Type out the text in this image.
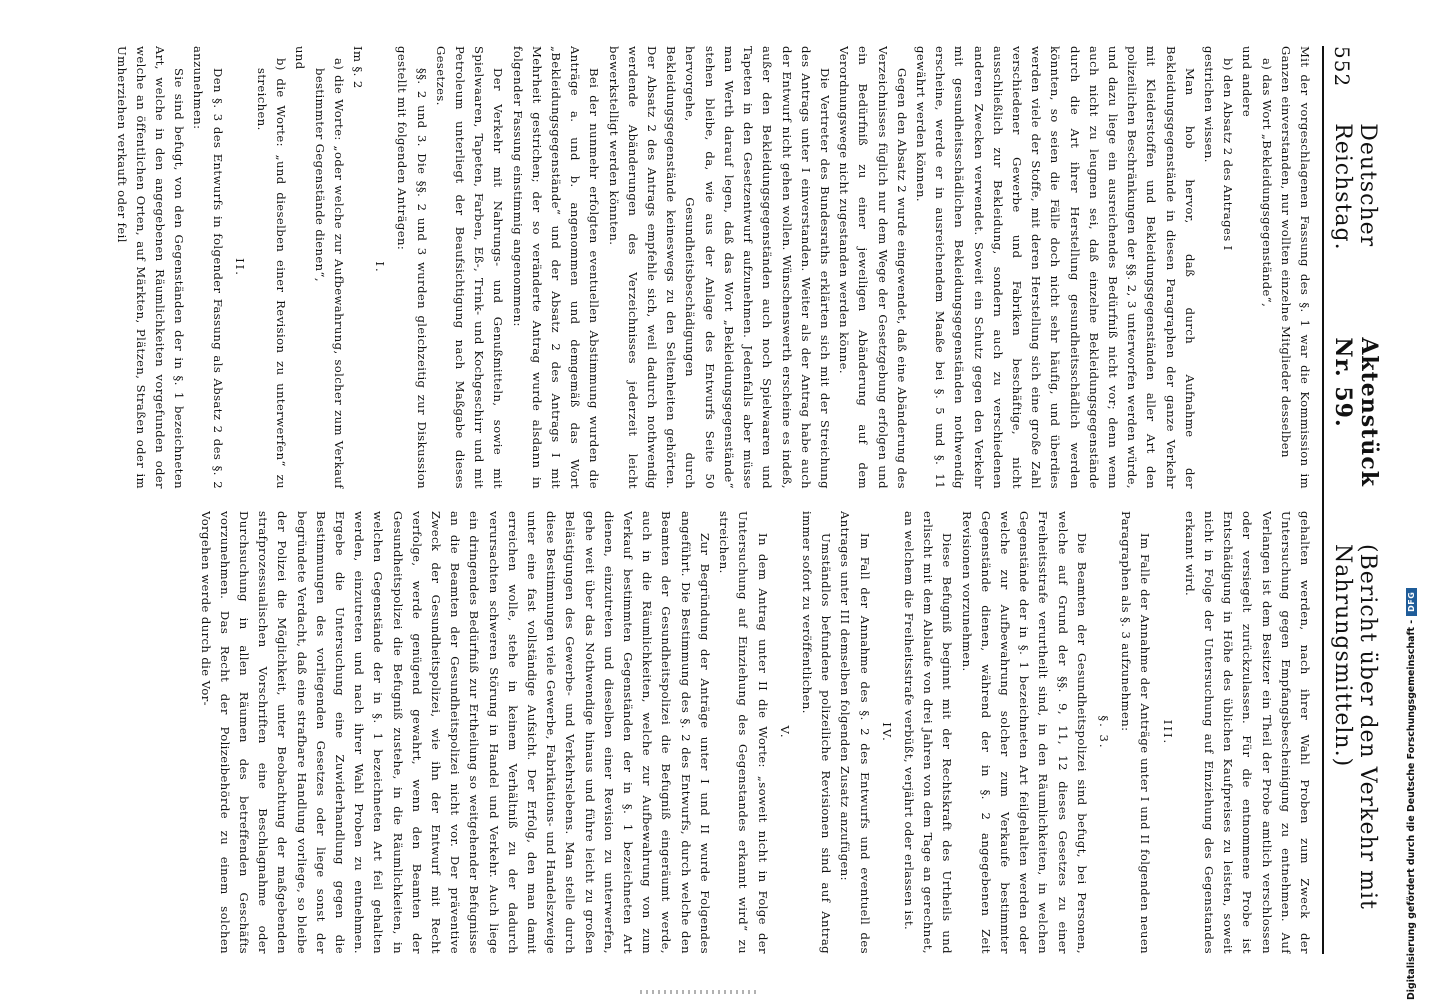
552
Deutscher Reichstag.
Aktenstück Nr. 59.
(Bericht über den Verkehr mit Nahrungsmitteln.)

Mit der vorgeschlagenen Fassung des §. 1 war die Kommission im Ganzen einverstanden, nur wollten einzelne Mitglieder desselben

a) das Wort „Bekleidungsgegenstände“,

und andere

b) den Absatz 2 des Antrages I

gestrichen wissen.

Man hob hervor, daß durch Aufnahme der Bekleidungsgegenstände in diesen Paragraphen der ganze Verkehr mit Kleiderstoffen und Bekleidungsgegenständen aller Art den polizeilichen Beschränkungen der §§. 2, 3 unterworfen werden würde, und dazu liege ein ausreichendes Bedürfniß nicht vor; denn wenn auch nicht zu leugnen sei, daß einzelne Bekleidungsgegenstände durch die Art ihrer Herstellung gesundheitsschädlich werden könnten, so seien die Fälle doch nicht sehr häufig, und überdies werden viele der Stoffe, mit deren Herstellung sich eine große Zahl verschiedener Gewerbe und Fabriken beschäftige, nicht ausschließlich zur Bekleidung, sondern auch zu verschiedenen anderen Zwecken verwendet. Soweit ein Schutz gegen den Verkehr mit gesundheitsschädlichen Bekleidungsgegenständen nothwendig erscheine, werde er in ausreichendem Maaße bei §. 5 und §. 11 gewährt werden können.

Gegen den Absatz 2 wurde eingewendet, daß eine Abänderung des Verzeichnisses füglich nur dem Wege der Gesetzgebung erfolgen und ein Bedürfniß zu einer jeweiligen Abänderung auf dem Verordnungswege nicht zugestanden werden könne.

Die Vertreter des Bundesraths erklärten sich mit der Streichung des Antrags unter I einverstanden. Weiter als der Antrag habe auch der Entwurf nicht gehen wollen. Wünschenswerth erscheine es indeß, außer den Bekleidungsgegenständen auch noch Spielwaaren und Tapeten in den Gesetzentwurf aufzunehmen. Jedenfalls aber müsse man Werth darauf legen, daß das Wort „Bekleidungsgegenstände“ stehen bleibe, da, wie aus der Anlage des Entwurfs Seite 50 hervorgehe, Gesundheitsbeschädigungen durch Bekleidungsgegenstände keineswegs zu den Seltenheiten gehörten. Der Absatz 2 des Antrags empfehle sich, weil dadurch nothwendig werdende Abänderungen des Verzeichnisses jederzeit leicht bewerkstelligt werden könnten.

Bei der nunmehr erfolgten eventuellen Abstimmung wurden die Anträge a. und b. angenommen und demgemäß das Wort „Bekleidungsgegenstände“ und der Absatz 2 des Antrags I mit Mehrheit gestrichen; der so veränderte Antrag wurde alsdann in folgender Fassung einstimmig angenommen:

Der Verkehr mit Nahrungs- und Genußmitteln, sowie mit Spielwaaren, Tapeten, Farben, Eß-, Trink- und Kochgeschirr und mit Petroleum unterliegt der Beaufsichtigung nach Maßgabe dieses Gesetzes.

§§. 2 und 3. Die §§. 2 und 3 wurden gleichzeitig zur Diskussion gestellt mit folgenden Anträgen:

I.

Im §. 2

a) die Worte: „oder welche zur Aufbewahrung, solcher zum Verkauf bestimmter Gegenstände dienen“,

und

b) die Worte: „und dieselben einer Revision zu unterwerfen“ zu streichen.

II.

Den §. 3 des Entwurfs in folgender Fassung als Absatz 2 des §. 2 anzunehmen:

Sie sind befugt, von den Gegenständen der in §. 1 bezeichneten Art, welche in den angegebenen Räumlichkeiten vorgefunden oder welche an öffentlichen Orten, auf Märkten, Plätzen, Straßen oder im Umherziehen verkauft oder feil

gehalten werden, nach ihrer Wahl Proben zum Zweck der Untersuchung gegen Empfangsbescheinigung zu entnehmen. Auf Verlangen ist dem Besitzer ein Theil der Probe amtlich verschlossen oder versiegelt zurückzulassen. Für die entnommene Probe ist Entschädigung in Höhe des üblichen Kaufpreises zu leisten, soweit nicht in Folge der Untersuchung auf Einziehung des Gegenstandes erkannt wird.

III.

Im Falle der Annahme der Anträge unter I und II folgenden neuen Paragraphen als §. 3 aufzunehmen:

§. 3.

Die Beamten der Gesundheitspolizei sind befugt, bei Personen, welche auf Grund der §§. 9, 11, 12 dieses Gesetzes zu einer Freiheitsstrafe verurtheilt sind, in den Räumlichkeiten, in welchen Gegenstände der in §. 1 bezeichneten Art feilgehalten werden oder welche zur Aufbewahrung solcher zum Verkaufe bestimmter Gegenstände dienen, während der in §. 2 angegebenen Zeit Revisionen vorzunehmen.

Diese Befugniß beginnt mit der Rechtskraft des Urtheils und erlischt mit dem Ablaufe von drei Jahren von dem Tage an gerechnet, an welchem die Freiheitsstrafe verbüßt, verjährt oder erlassen ist.

IV.

Im Fall der Annahme des §. 2 des Entwurfs und eventuell des Antrages unter III demselben folgenden Zusatz anzufügen:

Umständlos befundene polizeiliche Revisionen sind auf Antrag immer sofort zu veröffentlichen.

V.

In dem Antrag unter II die Worte: „soweit nicht in Folge der Untersuchung auf Einziehung des Gegenstandes erkannt wird“ zu streichen.

Zur Begründung der Anträge unter I und II wurde Folgendes angeführt. Die Bestimmung des §. 2 des Entwurfs, durch welche den Beamten der Gesundheitspolizei die Befugniß eingeräumt werde, auch in die Räumlichkeiten, welche zur Aufbewahrung von zum Verkauf bestimmten Gegenständen der in §. 1 bezeichneten Art dienen, einzutreten und dieselben einer Revision zu unterwerfen, gehe weit über das Nothwendige hinaus und führe leicht zu großen Belästigungen des Gewerbe- und Verkehrslebens. Man stelle durch diese Bestimmungen viele Gewerbe, Fabrikations- und Handelszweige unter eine fast vollständige Aufsicht. Der Erfolg, den man damit erreichen wolle, stehe in keinem Verhältniß zu der dadurch verursachten schweren Störung in Handel und Verkehr. Auch liege ein dringendes Bedürfniß zur Ertheilung so weitgehender Befugnisse an die Beamten der Gesundheitspolizei nicht vor. Der präventive Zweck der Gesundheitspolizei, wie ihn der Entwurf mit Recht verfolge, werde genügend gewahrt, wenn den Beamten der Gesundheitspolizei die Befugniß zustehe, in die Räumlichkeiten, in welchen Gegenstände der in §. 1 bezeichneten Art feil gehalten werden, einzutreten und nach ihrer Wahl Proben zu entnehmen. Ergebe die Untersuchung eine Zuwiderhandlung gegen die Bestimmungen des vorliegenden Gesetzes oder liege sonst der begründete Verdacht, daß eine strafbare Handlung vorliege, so bleibe der Polizei die Möglichkeit, unter Beobachtung der maßgebenden strafprozessualischen Vorschriften eine Beschlagnahme oder Durchsuchung in allen Räumen des betreffenden Geschäfts vorzunehmen. Das Recht der Polizeibehörde zu einem solchen Vorgehen werde durch die Vor-

Digitalisierung gefördert durch die Deutsche Forschungsgemeinschaft -
DFG
